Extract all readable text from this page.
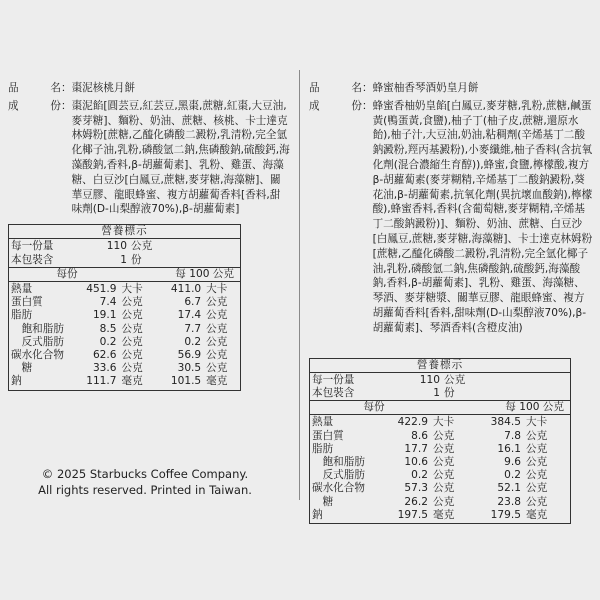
品　　　名： 棗泥核桃月餅
成　　　份： 棗泥餡[圓芸豆,紅芸豆,黑棗,蔗糖,紅棗,大豆油,麥芽糖]、麵粉、奶油、蔗糖、核桃、卡士達克林姆粉[蔗糖,乙醯化磷酸二澱粉,乳清粉,完全氫化椰子油,乳粉,磷酸氫二鈉,焦磷酸鈉,硫酸鈣,海藻酸鈉,香料,β-胡蘿蔔素]、乳粉、雞蛋、海藻糖、白豆沙[白鳳豆,蔗糖,麥芽糖,海藻糖]、關華豆膠、龍眼蜂蜜、複方胡蘿蔔香料[香料,甜味劑(D-山梨醇液70%),β-胡蘿蔔素]
營養標示
每一份量	110 公克
本包裝含	1 份
每份	每 100 公克
熱量	451.9 大卡	411.0 大卡
蛋白質	7.4 公克	6.7 公克
脂肪	19.1 公克	17.4 公克
　飽和脂肪	8.5 公克	7.7 公克
　反式脂肪	0.2 公克	0.2 公克
碳水化合物	62.6 公克	56.9 公克
　糖	33.6 公克	30.5 公克
鈉	111.7 毫克	101.5 毫克
品　　　名： 蜂蜜柚香琴酒奶皇月餅
成　　　份： 蜂蜜香柚奶皇餡[白鳳豆,麥芽糖,乳粉,蔗糖,鹹蛋黃(鴨蛋黃,食鹽),柚子丁(柚子皮,蔗糖,還原水飴),柚子汁,大豆油,奶油,粘稠劑(辛烯基丁二酸鈉澱粉,羥丙基澱粉),小麥纖維,柚子香料(含抗氧化劑(混合濃縮生育醇)),蜂蜜,食鹽,檸檬酸,複方β-胡蘿蔔素(麥芽糊精,辛烯基丁二酸鈉澱粉,葵花油,β-胡蘿蔔素,抗氧化劑(異抗壞血酸鈉),檸檬酸),蜂蜜香料,香料(含葡萄糖,麥芽糊精,辛烯基丁二酸鈉澱粉)]、麵粉、奶油、蔗糖、白豆沙[白鳳豆,蔗糖,麥芽糖,海藻糖]、卡士達克林姆粉[蔗糖,乙醯化磷酸二澱粉,乳清粉,完全氫化椰子油,乳粉,磷酸氫二鈉,焦磷酸鈉,硫酸鈣,海藻酸鈉,香料,β-胡蘿蔔素]、乳粉、雞蛋、海藻糖、琴酒、麥芽糖漿、關華豆膠、龍眼蜂蜜、複方胡蘿蔔香料[香料,甜味劑(D-山梨醇液70%),β-胡蘿蔔素]、琴酒香料(含橙皮油)
營養標示
每一份量	110 公克
本包裝含	1 份
每份	每 100 公克
熱量	422.9 大卡	384.5 大卡
蛋白質	8.6 公克	7.8 公克
脂肪	17.7 公克	16.1 公克
　飽和脂肪	10.6 公克	9.6 公克
　反式脂肪	0.2 公克	0.2 公克
碳水化合物	57.3 公克	52.1 公克
　糖	26.2 公克	23.8 公克
鈉	197.5 毫克	179.5 毫克
© 2025 Starbucks Coffee Company.
All rights reserved. Printed in Taiwan.
